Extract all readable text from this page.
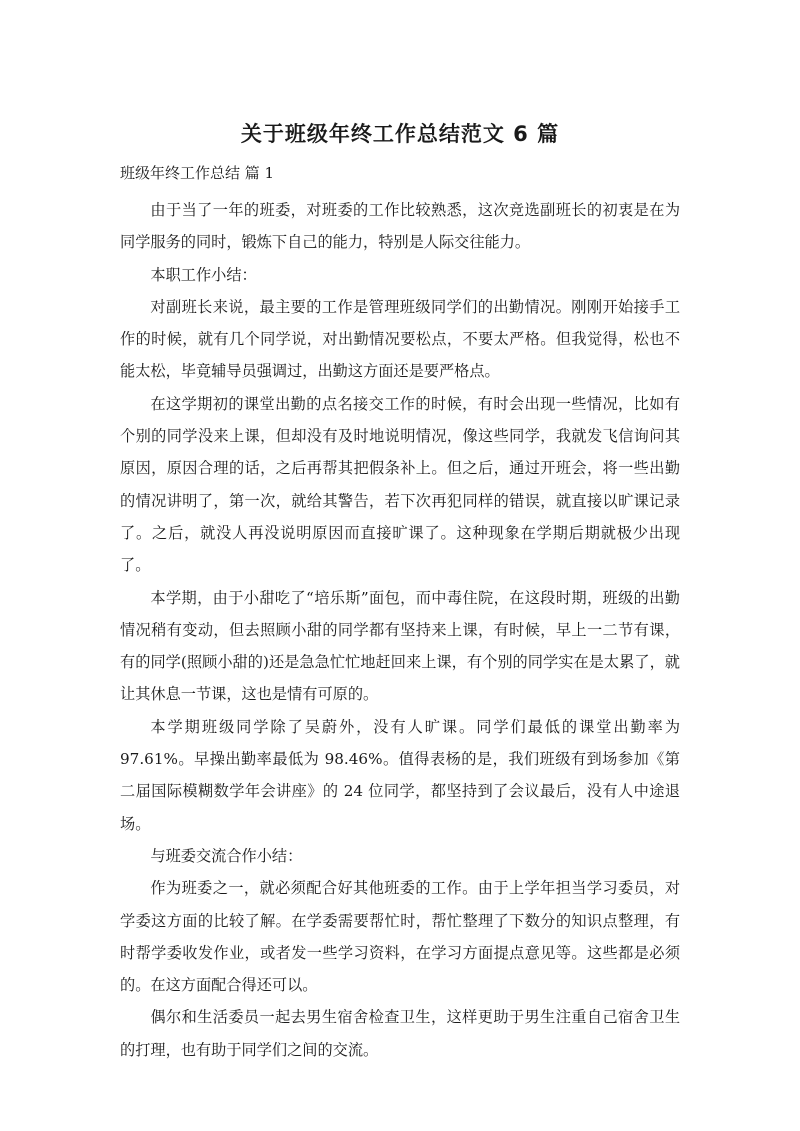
关于班级年终工作总结范文 6 篇
班级年终工作总结 篇 1

由于当了一年的班委，对班委的工作比较熟悉，这次竞选副班长的初衷是在为同学服务的同时，锻炼下自己的能力，特别是人际交往能力。

本职工作小结：

对副班长来说，最主要的工作是管理班级同学们的出勤情况。刚刚开始接手工作的时候，就有几个同学说，对出勤情况要松点，不要太严格。但我觉得，松也不能太松，毕竟辅导员强调过，出勤这方面还是要严格点。

在这学期初的课堂出勤的点名接交工作的时候，有时会出现一些情况，比如有个别的同学没来上课，但却没有及时地说明情况，像这些同学，我就发飞信询问其原因，原因合理的话，之后再帮其把假条补上。但之后，通过开班会，将一些出勤的情况讲明了，第一次，就给其警告，若下次再犯同样的错误，就直接以旷课记录了。之后，就没人再没说明原因而直接旷课了。这种现象在学期后期就极少出现了。

本学期，由于小甜吃了“培乐斯”面包，而中毒住院，在这段时期，班级的出勤情况稍有变动，但去照顾小甜的同学都有坚持来上课，有时候，早上一二节有课，有的同学(照顾小甜的)还是急急忙忙地赶回来上课，有个别的同学实在是太累了，就让其休息一节课，这也是情有可原的。

本学期班级同学除了吴蔚外，没有人旷课。同学们最低的课堂出勤率为 97.61%。早操出勤率最低为 98.46%。值得表杨的是，我们班级有到场参加《第二届国际模糊数学年会讲座》的 24 位同学，都坚持到了会议最后，没有人中途退场。

与班委交流合作小结：

作为班委之一，就必须配合好其他班委的工作。由于上学年担当学习委员，对学委这方面的比较了解。在学委需要帮忙时，帮忙整理了下数分的知识点整理，有时帮学委收发作业，或者发一些学习资料，在学习方面提点意见等。这些都是必须的。在这方面配合得还可以。

偶尔和生活委员一起去男生宿舍检查卫生，这样更助于男生注重自己宿舍卫生的打理，也有助于同学们之间的交流。
